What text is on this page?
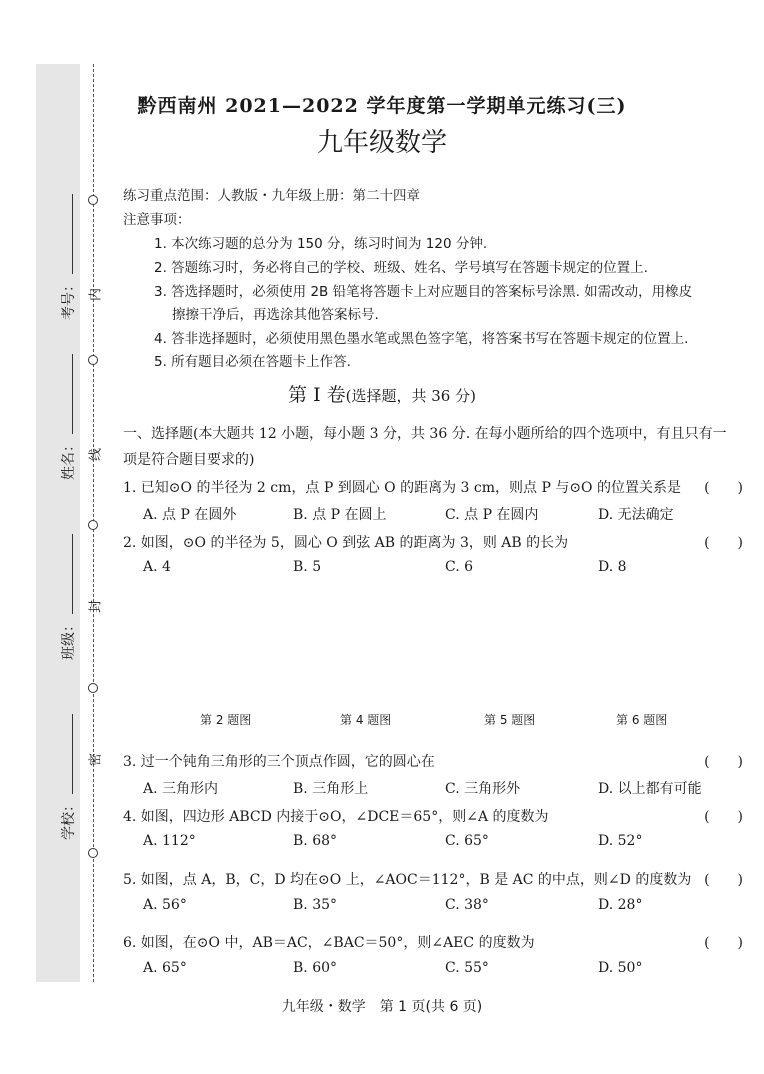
内
线
封
密
考号：
姓名：
班级：
学校：
黔西南州 2021—2022 学年度第一学期单元练习(三)
九年级数学
练习重点范围：人教版・九年级上册：第二十四章
注意事项：
1. 本次练习题的总分为 150 分，练习时间为 120 分钟.
2. 答题练习时，务必将自己的学校、班级、姓名、学号填写在答题卡规定的位置上.
3. 答选择题时，必须使用 2B 铅笔将答题卡上对应题目的答案标号涂黑. 如需改动，用橡皮
擦擦干净后，再选涂其他答案标号.
4. 答非选择题时，必须使用黑色墨水笔或黑色签字笔，将答案书写在答题卡规定的位置上.
5. 所有题目必须在答题卡上作答.
第 I 卷(选择题，共 36 分)
一、选择题(本大题共 12 小题，每小题 3 分，共 36 分. 在每小题所给的四个选项中，有且只有一
项是符合题目要求的)
1. 已知⊙O 的半径为 2 cm，点 P 到圆心 O 的距离为 3 cm，则点 P 与⊙O 的位置关系是 (　　)
A. 点 P 在圆外	B. 点 P 在圆上	C. 点 P 在圆内	D. 无法确定
2. 如图，⊙O 的半径为 5，圆心 O 到弦 AB 的距离为 3，则 AB 的长为	(　　)
A. 4	B. 5	C. 6	D. 8
第 2 题图	第 4 题图	第 5 题图	第 6 题图
3. 过一个钝角三角形的三个顶点作圆，它的圆心在	(　　)
A. 三角形内	B. 三角形上	C. 三角形外	D. 以上都有可能
4. 如图，四边形 ABCD 内接于⊙O，∠DCE＝65°，则∠A 的度数为	(　　)
A. 112°	B. 68°	C. 65°	D. 52°
5. 如图，点 A，B，C，D 均在⊙O 上，∠AOC＝112°，B 是 AC 的中点，则∠D 的度数为 (　　)
A. 56°	B. 35°	C. 38°	D. 28°
6. 如图，在⊙O 中，AB＝AC，∠BAC＝50°，则∠AEC 的度数为	(　　)
A. 65°	B. 60°	C. 55°	D. 50°
九年级・数学　第 1 页(共 6 页)
